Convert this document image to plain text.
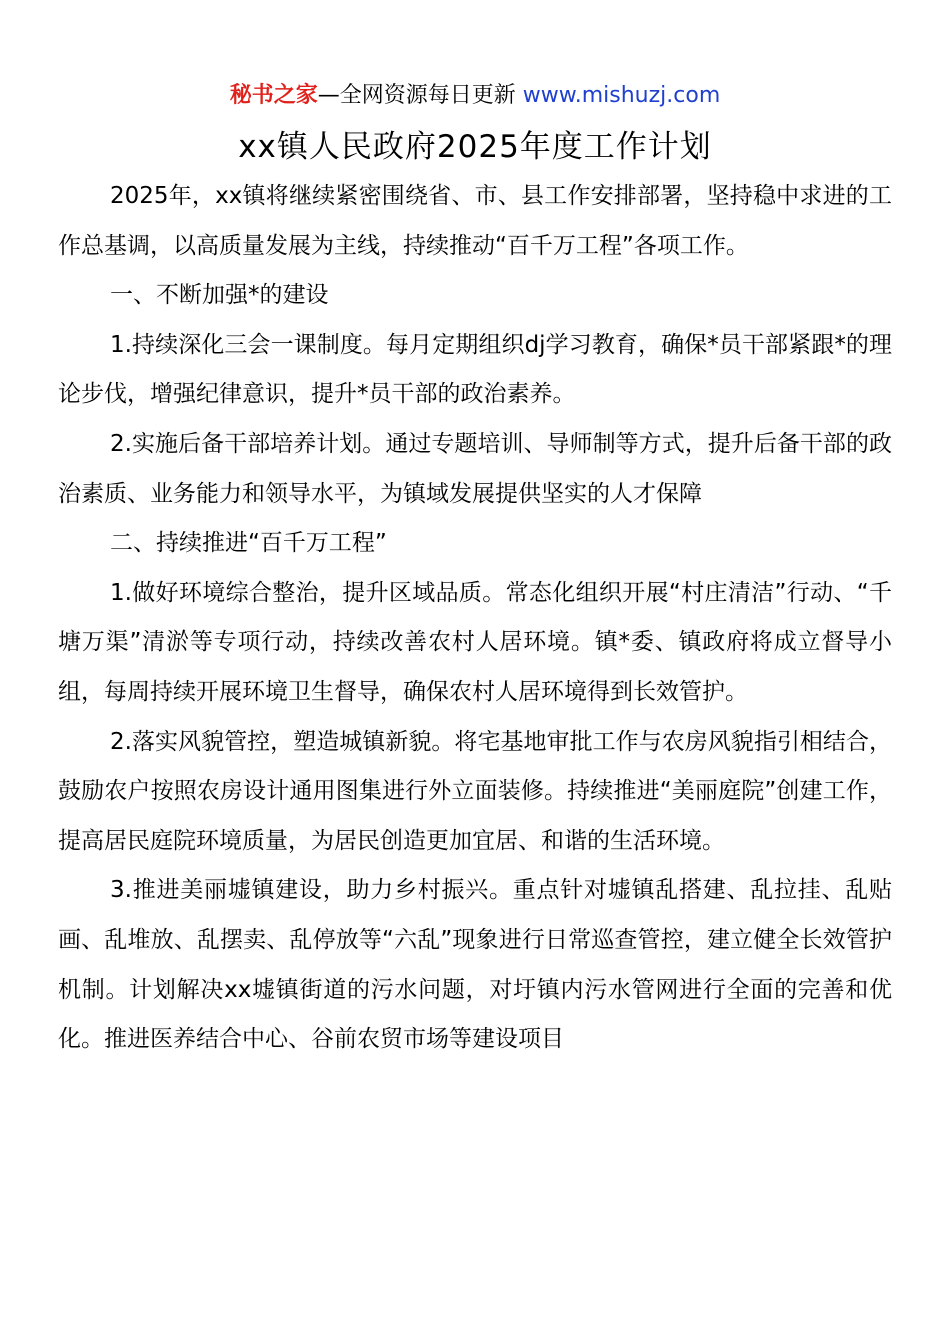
秘书之家—全网资源每日更新 www.mishuzj.com
xx镇人民政府2025年度工作计划

2025年，xx镇将继续紧密围绕省、市、县工作安排部署，坚持稳中求进的工作总基调，以高质量发展为主线，持续推动“百千万工程”各项工作。

一、不断加强*的建设

1.持续深化三会一课制度。每月定期组织dj学习教育，确保*员干部紧跟*的理论步伐，增强纪律意识，提升*员干部的政治素养。

2.实施后备干部培养计划。通过专题培训、导师制等方式，提升后备干部的政治素质、业务能力和领导水平，为镇域发展提供坚实的人才保障

二、持续推进“百千万工程”

1.做好环境综合整治，提升区域品质。常态化组织开展“村庄清洁”行动、“千塘万渠”清淤等专项行动，持续改善农村人居环境。镇*委、镇政府将成立督导小组，每周持续开展环境卫生督导，确保农村人居环境得到长效管护。

2.落实风貌管控，塑造城镇新貌。将宅基地审批工作与农房风貌指引相结合，鼓励农户按照农房设计通用图集进行外立面装修。持续推进“美丽庭院”创建工作，提高居民庭院环境质量，为居民创造更加宜居、和谐的生活环境。

3.推进美丽墟镇建设，助力乡村振兴。重点针对墟镇乱搭建、乱拉挂、乱贴画、乱堆放、乱摆卖、乱停放等“六乱”现象进行日常巡查管控，建立健全长效管护机制。计划解决xx墟镇街道的污水问题，对圩镇内污水管网进行全面的完善和优化。推进医养结合中心、谷前农贸市场等建设项目
